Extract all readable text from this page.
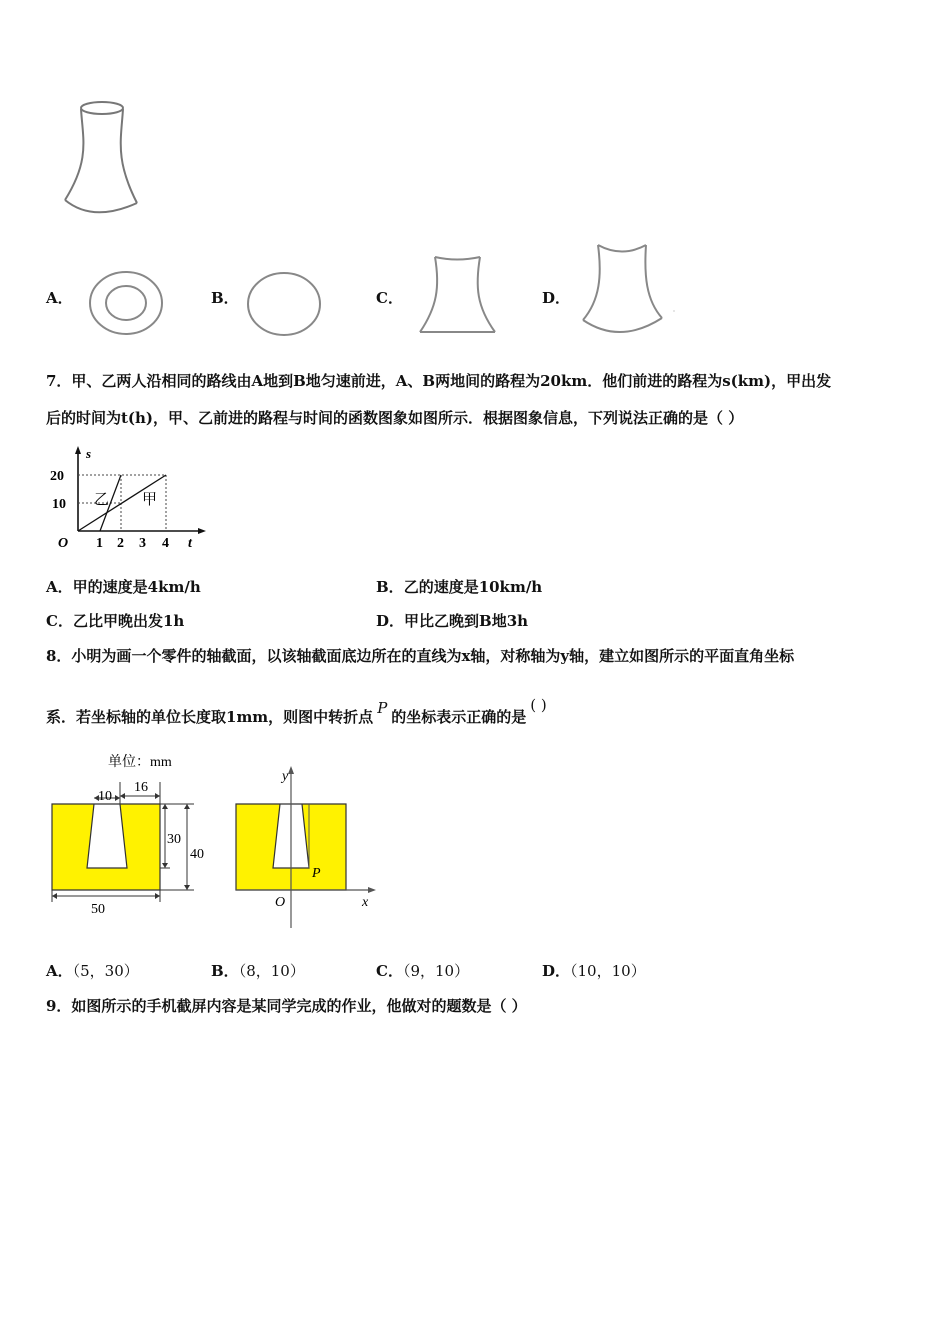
A．	B．	C．	D．
7．甲、乙两人沿相同的路线由A地到B地匀速前进，A、B两地间的路程为20km．他们前进的路程为s(km)，甲出发
后的时间为t(h)，甲、乙前进的路程与时间的函数图象如图所示．根据图象信息，下列说法正确的是（ ）
s
20
10
O 1 2 3 4 t
乙 甲
A．甲的速度是4km/h	B．乙的速度是10km/h
C．乙比甲晚出发1h	D．甲比乙晚到B地3h
8．小明为画一个零件的轴截面，以该轴截面底边所在的直线为x轴，对称轴为y轴，建立如图所示的平面直角坐标
系．若坐标轴的单位长度取1mm，则图中转折点 P 的坐标表示正确的是( )
单位：mm
10
16
30
40
50
y
x
O
P
A．（5，30）	B．（8，10）	C．（9，10）	D．（10，10）
9．如图所示的手机截屏内容是某同学完成的作业，他做对的题数是（ ）
